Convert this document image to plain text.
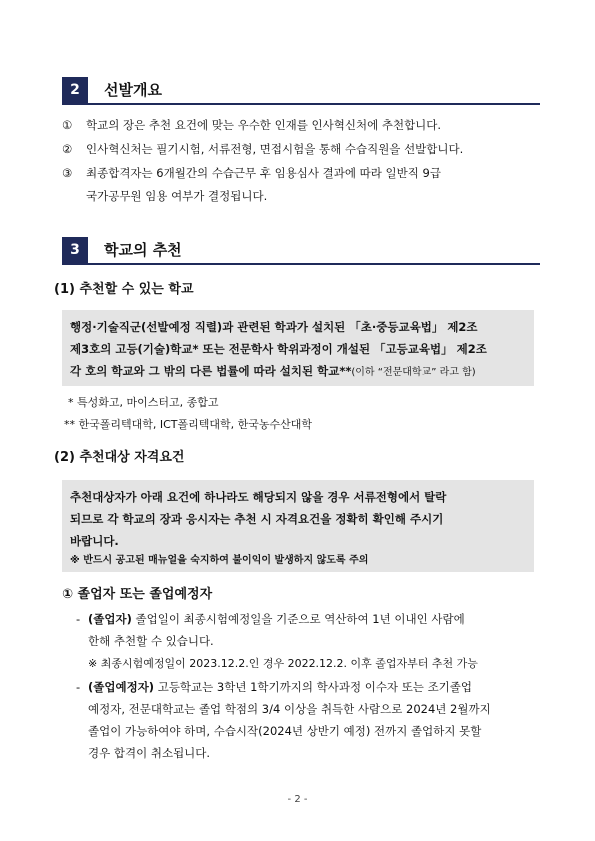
2	선발개요
① 학교의 장은 추천 요건에 맞는 우수한 인재를 인사혁신처에 추천합니다.
② 인사혁신처는 필기시험, 서류전형, 면접시험을 통해 수습직원을 선발합니다.
③ 최종합격자는 6개월간의 수습근무 후 임용심사 결과에 따라 일반직 9급
국가공무원 임용 여부가 결정됩니다.
3	학교의 추천
(1) 추천할 수 있는 학교
행정·기술직군(선발예정 직렬)과 관련된 학과가 설치된 「초·중등교육법」 제2조
제3호의 고등(기술)학교* 또는 전문학사 학위과정이 개설된 「고등교육법」 제2조
각 호의 학교와 그 밖의 다른 법률에 따라 설치된 학교**(이하 “전문대학교” 라고 함)
* 특성화고, 마이스터고, 종합고
** 한국폴리텍대학, ICT폴리텍대학, 한국농수산대학
(2) 추천대상 자격요건
추천대상자가 아래 요건에 하나라도 해당되지 않을 경우 서류전형에서 탈락
되므로 각 학교의 장과 응시자는 추천 시 자격요건을 정확히 확인해 주시기
바랍니다.
※ 반드시 공고된 매뉴얼을 숙지하여 불이익이 발생하지 않도록 주의
① 졸업자 또는 졸업예정자
- (졸업자) 졸업일이 최종시험예정일을 기준으로 역산하여 1년 이내인 사람에
한해 추천할 수 있습니다.
※ 최종시험예정일이 2023.12.2.인 경우 2022.12.2. 이후 졸업자부터 추천 가능
- (졸업예정자) 고등학교는 3학년 1학기까지의 학사과정 이수자 또는 조기졸업
예정자, 전문대학교는 졸업 학점의 3/4 이상을 취득한 사람으로 2024년 2월까지
졸업이 가능하여야 하며, 수습시작(2024년 상반기 예정) 전까지 졸업하지 못할
경우 합격이 취소됩니다.
- 2 -
